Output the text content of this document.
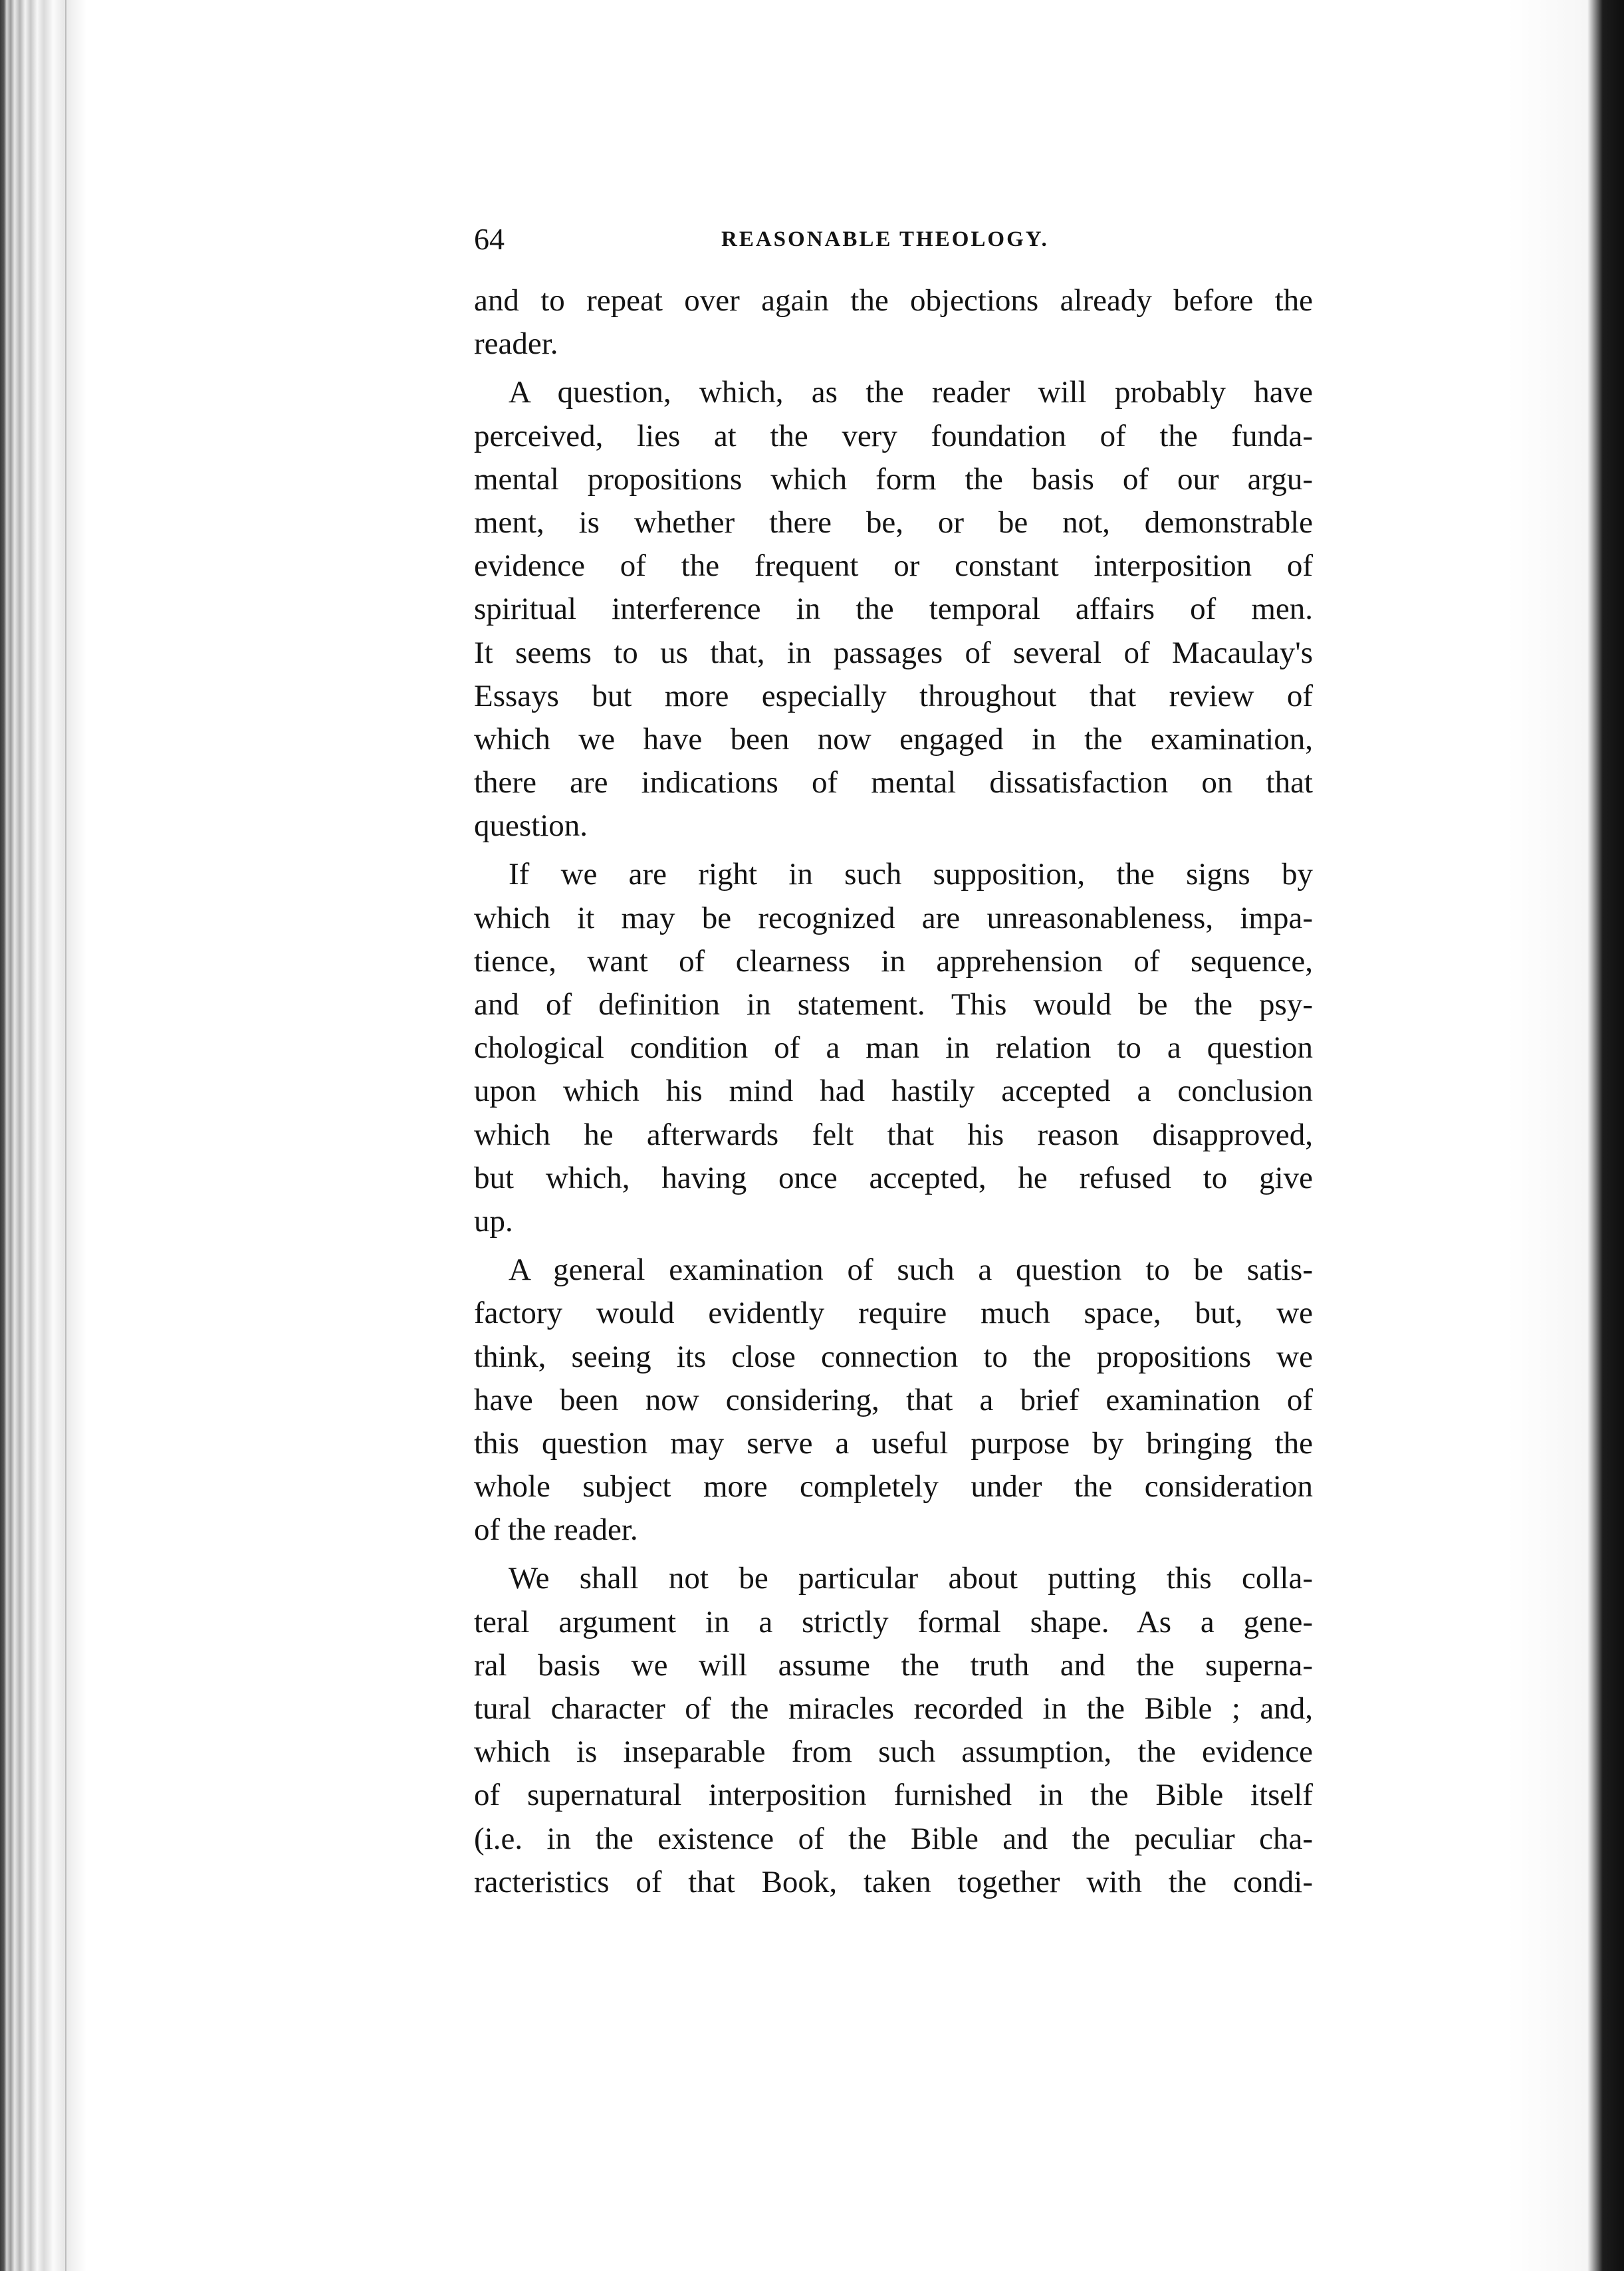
64	REASONABLE THEOLOGY.
and to repeat over again the objections already before the
reader.
A question, which, as the reader will probably have
perceived, lies at the very foundation of the funda-
mental propositions which form the basis of our argu-
ment, is whether there be, or be not, demonstrable
evidence of the frequent or constant interposition of
spiritual interference in the temporal affairs of men.
It seems to us that, in passages of several of Macaulay's
Essays but more especially throughout that review of
which we have been now engaged in the examination,
there are indications of mental dissatisfaction on that
question.
If we are right in such supposition, the signs by
which it may be recognized are unreasonableness, impa-
tience, want of clearness in apprehension of sequence,
and of definition in statement. This would be the psy-
chological condition of a man in relation to a question
upon which his mind had hastily accepted a conclusion
which he afterwards felt that his reason disapproved,
but which, having once accepted, he refused to give
up.
A general examination of such a question to be satis-
factory would evidently require much space, but, we
think, seeing its close connection to the propositions we
have been now considering, that a brief examination of
this question may serve a useful purpose by bringing the
whole subject more completely under the consideration
of the reader.
We shall not be particular about putting this colla-
teral argument in a strictly formal shape. As a gene-
ral basis we will assume the truth and the superna-
tural character of the miracles recorded in the Bible ; and,
which is inseparable from such assumption, the evidence
of supernatural interposition furnished in the Bible itself
(i.e. in the existence of the Bible and the peculiar cha-
racteristics of that Book, taken together with the condi-
